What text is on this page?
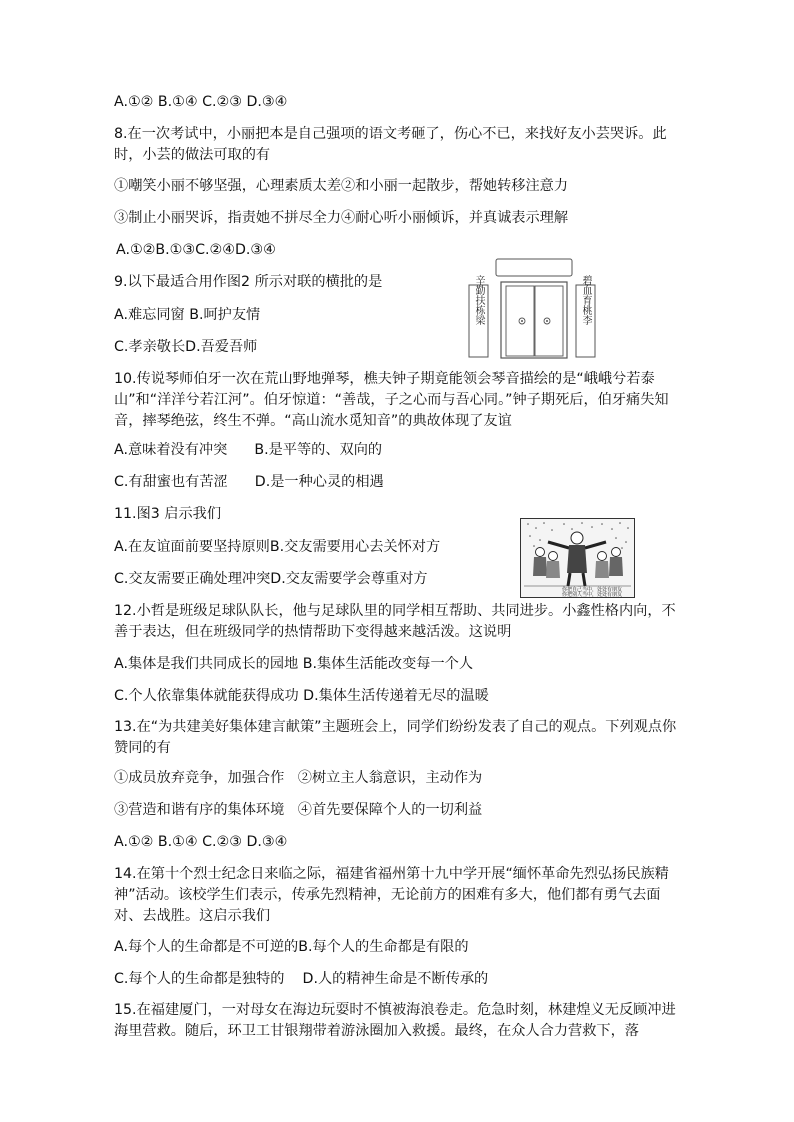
A.①② B.①④ C.②③ D.③④
8.在一次考试中，小丽把本是自己强项的语文考砸了，伤心不已，来找好友小芸哭诉。此时，小芸的做法可取的有
①嘲笑小丽不够坚强，心理素质太差②和小丽一起散步，帮她转移注意力
③制止小丽哭诉，指责她不拼尽全力④耐心听小丽倾诉，并真诚表示理解
A.①②B.①③C.②④D.③④
9.以下最适合用作图2 所示对联的横批的是
A.难忘同窗 B.呵护友情
C.孝亲敬长D.吾爱吾师
10.传说琴师伯牙一次在荒山野地弹琴，樵夫钟子期竟能领会琴音描绘的是“峨峨兮若泰山”和“洋洋兮若江河”。伯牙惊道：“善哉，子之心而与吾心同。”钟子期死后，伯牙痛失知音，摔琴绝弦，终生不弹。“高山流水觅知音”的典故体现了友谊
A.意味着没有冲突      B.是平等的、双向的
C.有甜蜜也有苦涩      D.是一种心灵的相遇
11.图3 启示我们
A.在友谊面前要坚持原则B.交友需要用心去关怀对方
C.交友需要正确处理冲突D.交友需要学会尊重对方
12.小哲是班级足球队队长，他与足球队里的同学相互帮助、共同进步。小鑫性格内向，不善于表达，但在班级同学的热情帮助下变得越来越活泼。这说明
A.集体是我们共同成长的园地 B.集体生活能改变每一个人
C.个人依靠集体就能获得成功 D.集体生活传递着无尽的温暖
13.在“为共建美好集体建言献策”主题班会上，同学们纷纷发表了自己的观点。下列观点你赞同的有
①成员放弃竞争，加强合作   ②树立主人翁意识，主动作为
③营造和谐有序的集体环境   ④首先要保障个人的一切利益
A.①② B.①④ C.②③ D.③④
14.在第十个烈士纪念日来临之际，福建省福州第十九中学开展“缅怀革命先烈弘扬民族精神”活动。该校学生们表示，传承先烈精神，无论前方的困难有多大，他们都有勇气去面对、去战胜。这启示我们
A.每个人的生命都是不可逆的B.每个人的生命都是有限的
C.每个人的生命都是独特的    D.人的精神生命是不断传承的
15.在福建厦门，一对母女在海边玩耍时不慎被海浪卷走。危急时刻，林建煌义无反顾冲进海里营救。随后，环卫工甘银翔带着游泳圈加入救援。最终，在众人合力营救下，落
辛勤扶栋梁	碧血育桃李
你把自己当中，处处有朋友
你把别人当中，处处有朋友
